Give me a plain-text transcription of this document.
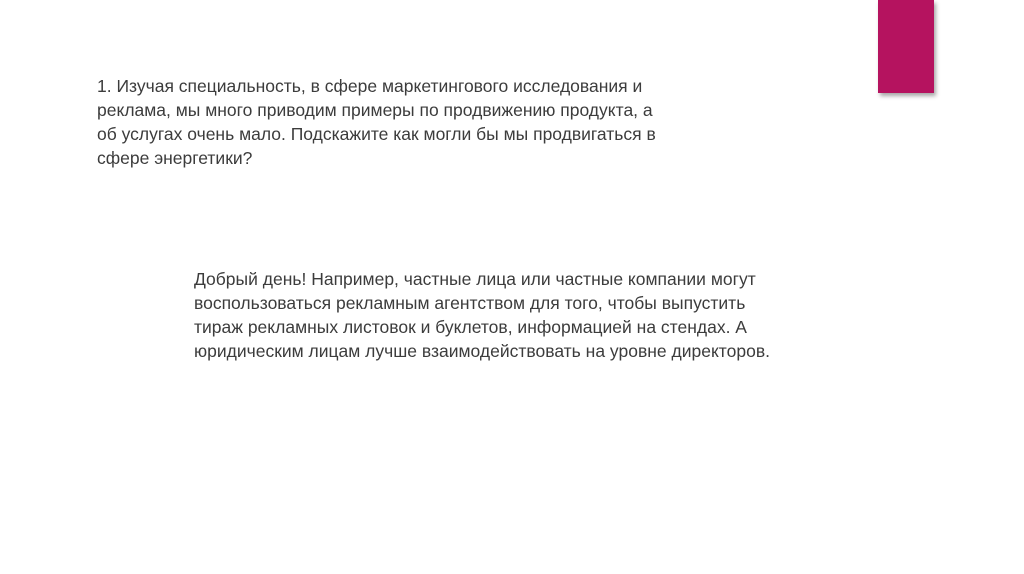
1. Изучая специальность, в сфере маркетингового исследования и реклама, мы много приводим примеры по продвижению продукта, а об услугах очень мало. Подскажите как могли бы мы продвигаться в сфере энергетики?

Добрый день! Например, частные лица или частные компании могут воспользоваться рекламным агентством для того, чтобы выпустить тираж рекламных листовок и буклетов, информацией на стендах. А юридическим лицам лучше взаимодействовать на уровне директоров.
